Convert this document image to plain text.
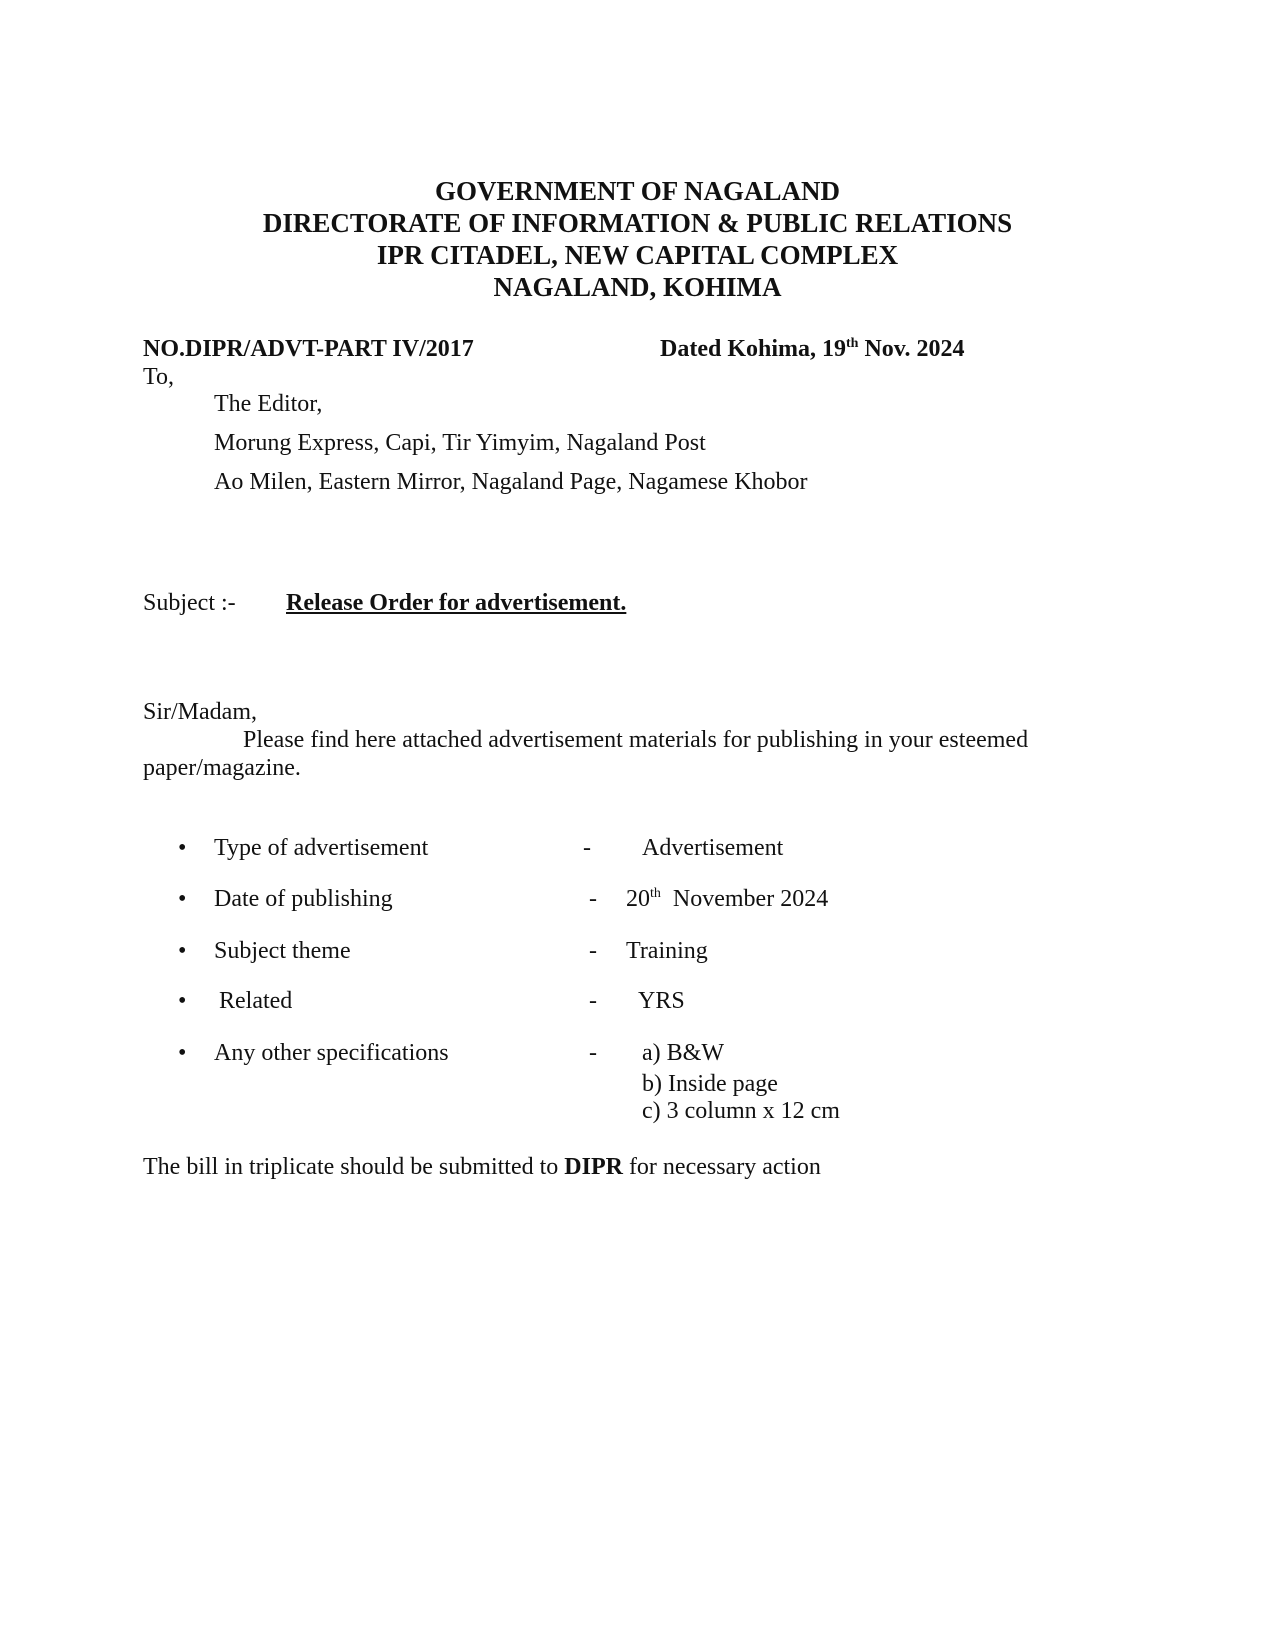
GOVERNMENT OF NAGALAND
DIRECTORATE OF INFORMATION & PUBLIC RELATIONS
IPR CITADEL, NEW CAPITAL COMPLEX
NAGALAND, KOHIMA
NO.DIPR/ADVT-PART IV/2017	Dated Kohima, 19th Nov. 2024
To,
The Editor,
Morung Express, Capi, Tir Yimyim, Nagaland Post
Ao Milen, Eastern Mirror, Nagaland Page, Nagamese Khobor
Subject :- Release Order for advertisement.
Sir/Madam,
Please find here attached advertisement materials for publishing in your esteemed
paper/magazine.
• Type of advertisement	- Advertisement
• Date of publishing	- 20th  November 2024
• Subject theme	- Training
• Related	- YRS
• Any other specifications	- a) B&W
b) Inside page
c) 3 column x 12 cm
The bill in triplicate should be submitted to DIPR for necessary action
